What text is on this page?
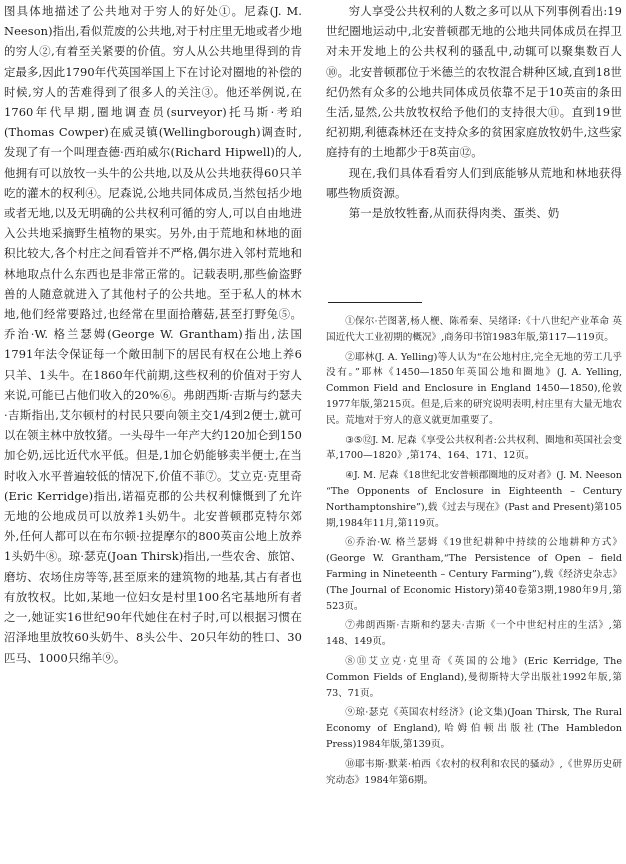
图具体地描述了公共地对于穷人的好处①。尼森(J. M. Neeson)指出,看似荒废的公共地,对于村庄里无地或者少地的穷人②,有着至关紧要的价值。穷人从公共地里得到的肯定最多,因此1790年代英国举国上下在讨论对圈地的补偿的时候,穷人的苦难得到了很多人的关注③。他还举例说,在1760年代早期,圈地调查员(surveyor)托马斯·考珀(Thomas Cowper)在威灵镇(Wellingborough)调查时,发现了有一个叫理查德·西珀威尔(Richard Hipwell)的人,他拥有可以放牧一头牛的公共地,以及从公共地获得60只羊吃的灌木的权利④。尼森说,公地共同体成员,当然包括少地或者无地,以及无明确的公共权利可循的穷人,可以自由地进入公共地采摘野生植物的果实。另外,由于荒地和林地的面积比较大,各个村庄之间看管并不严格,偶尔进入邻村荒地和林地取点什么东西也是非常正常的。记载表明,那些偷盗野兽的人随意就进入了其他村子的公共地。至于私人的林木地,他们经常要路过,也经常在里面拾蘑菇,甚至打野兔⑤。乔治·W. 格兰瑟姆(George W. Grantham)指出,法国1791年法令保证每一个敞田制下的居民有权在公地上养6只羊、1头牛。在1860年代前期,这些权利的价值对于穷人来说,可能已占他们收入的20%⑥。弗朗西斯·吉斯与约瑟夫·吉斯指出,艾尔顿村的村民只要向领主交1/4到2便士,就可以在领主林中放牧猪。一头母牛一年产大约120加仑到150加仑奶,远比近代水平低。但是,1加仑奶能够卖半便士,在当时收入水平普遍较低的情况下,价值不菲⑦。艾立克·克里奇(Eric Kerridge)指出,诺福克郡的公共权利慷慨到了允许无地的公地成员可以放养1头奶牛。北安普顿郡克特尔郊外,任何人都可以在布尔顿·拉提摩尔的800英亩公地上放养1头奶牛⑧。琼·瑟克(Joan Thirsk)指出,一些农舍、旅馆、磨坊、农场住房等等,甚至原来的建筑物的地基,其占有者也有放牧权。比如,某地一位妇女是村里100名宅基地所有者之一,她证实16世纪90年代她住在村子时,可以根据习惯在沼泽地里放牧60头奶牛、8头公牛、20只年幼的牲口、30匹马、1000只绵羊⑨。

穷人享受公共权利的人数之多可以从下列事例看出:19世纪圈地运动中,北安普顿郡无地的公地共同体成员在捍卫对未开发地上的公共权利的骚乱中,动辄可以聚集数百人⑩。北安普顿郡位于米德兰的农牧混合耕种区域,直到18世纪仍然有众多的公地共同体成员依靠不足于10英亩的条田生活,显然,公共放牧权给予他们的支持很大⑪。直到19世纪初期,利德森林还在支持众多的贫困家庭放牧奶牛,这些家庭持有的土地都少于8英亩⑫。

现在,我们具体看看穷人们到底能够从荒地和林地获得哪些物质资源。

第一是放牧牲畜,从而获得肉类、蛋类、奶

①保尔·芒图著,杨人楩、陈希秦、吴绪译:《十八世纪产业革命 英国近代大工业初期的概况》,商务印书馆1983年版,第117—119页。

②耶林(J. A. Yelling)等人认为“在公地村庄,完全无地的劳工几乎没有。”耶林《1450—1850年英国公地和圈地》(J. A. Yelling, Common Field and Enclosure in England 1450—1850),伦敦1977年版,第215页。但是,后来的研究说明表明,村庄里有大量无地农民。荒地对于穷人的意义就更加重要了。

③⑤⑫J. M. 尼森《享受公共权利者:公共权利、圈地和英国社会变革,1700—1820》,第174、164、171、12页。

④J. M. 尼森《18世纪北安普顿郡圈地的反对者》(J. M. Neeson “The Opponents of Enclosure in Eighteenth – Century Northamptonshire”),载《过去与现在》(Past and Present)第105期,1984年11月,第119页。

⑥乔治·W. 格兰瑟姆《19世纪耕种中持续的公地耕种方式》(George W. Grantham,“The Persistence of Open – field Farming in Nineteenth – Century Farming”),载《经济史杂志》(The Journal of Economic History)第40卷第3期,1980年9月,第523页。

⑦弗朗西斯·吉斯和约瑟夫·吉斯《一个中世纪村庄的生活》,第148、149页。

⑧⑪艾立克·克里奇《英国的公地》(Eric Kerridge, The Common Fields of England),曼彻斯特大学出版社1992年版,第73、71页。

⑨琼·瑟克《英国农村经济》(论文集)(Joan Thirsk, The Rural Economy of England),哈姆伯顿出版社(The Hambledon Press)1984年版,第139页。

⑩耶韦斯·默莱·柏西《农村的权利和农民的骚动》,《世界历史研究动态》1984年第6期。
